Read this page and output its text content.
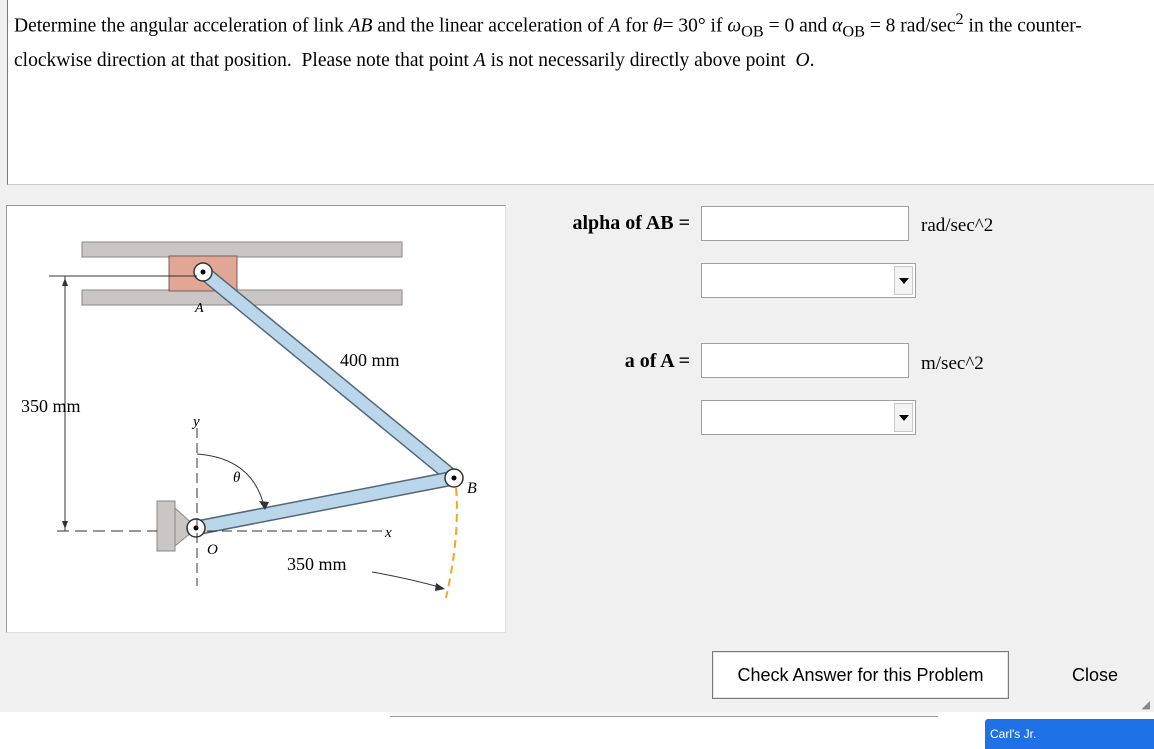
Determine the angular acceleration of link AB and the linear acceleration of A for θ= 30° if $\omega_{OB} = 0$ and $\alpha_{OB} = 8$ rad/$\sec^2$ in the counter-clockwise direction at that position.  Please note that point A is not necessarily directly above point  O.

350 mm
400 mm
350 mm
A
B
O
x
y
θ
alpha of AB =	rad/sec^2
a of A =	m/sec^2
Check Answer for this Problem	Close
◢
Carl's Jr.
